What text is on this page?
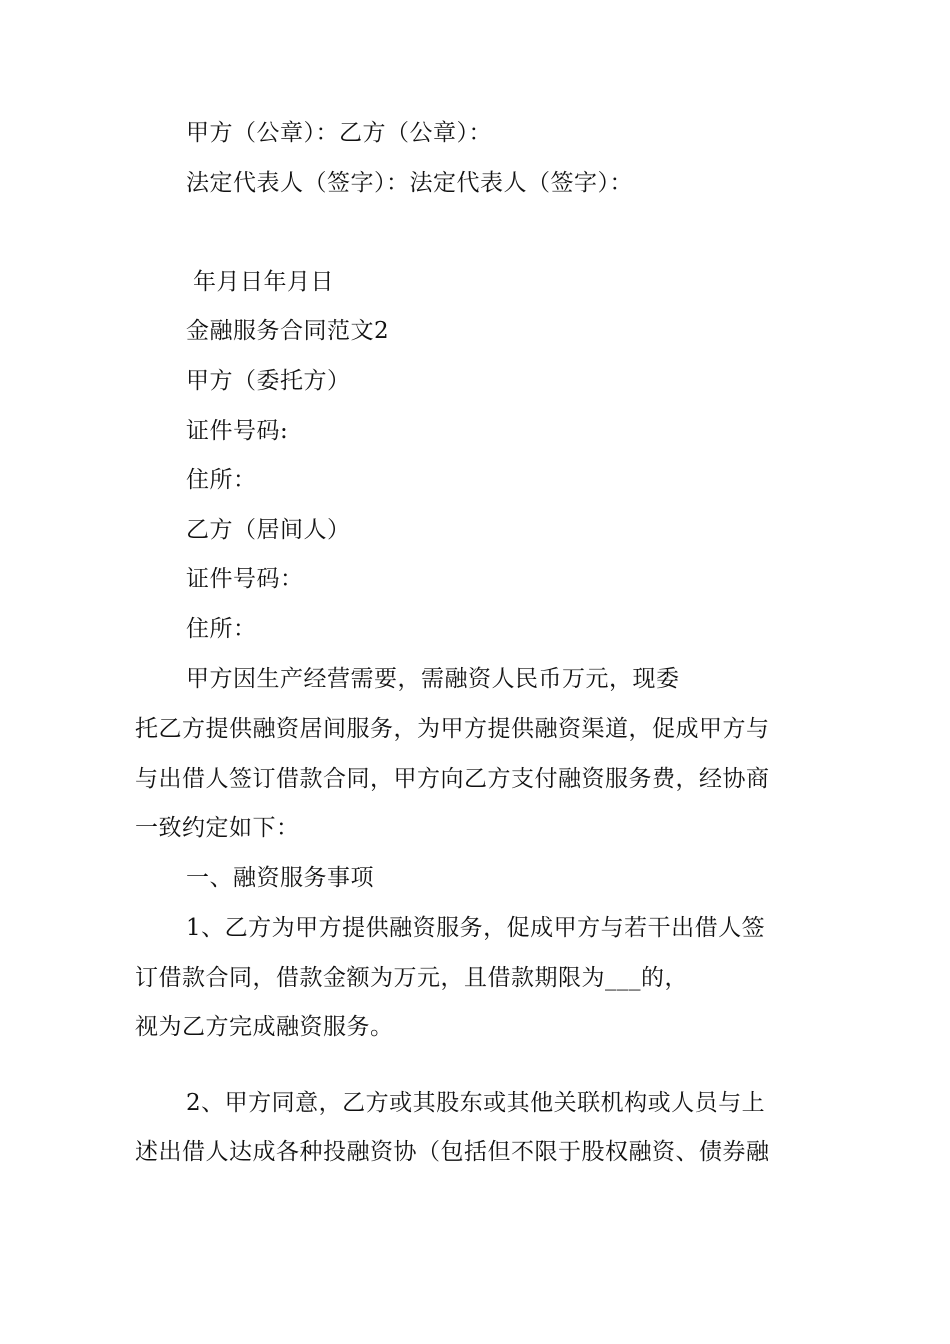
甲方（公章）：乙方（公章）：
法定代表人（签字）：法定代表人（签字）：
年月日年月日
金融服务合同范文2
甲方（委托方）
证件号码:
住所：
乙方（居间人）
证件号码：
住所：
甲方因生产经营需要，需融资人民币万元，现委
托乙方提供融资居间服务，为甲方提供融资渠道，促成甲方与
与出借人签订借款合同，甲方向乙方支付融资服务费，经协商
一致约定如下：
一、融资服务事项
1、乙方为甲方提供融资服务，促成甲方与若干出借人签
订借款合同，借款金额为万元，且借款期限为___的，
视为乙方完成融资服务。
2、甲方同意，乙方或其股东或其他关联机构或人员与上
述出借人达成各种投融资协（包括但不限于股权融资、债券融
